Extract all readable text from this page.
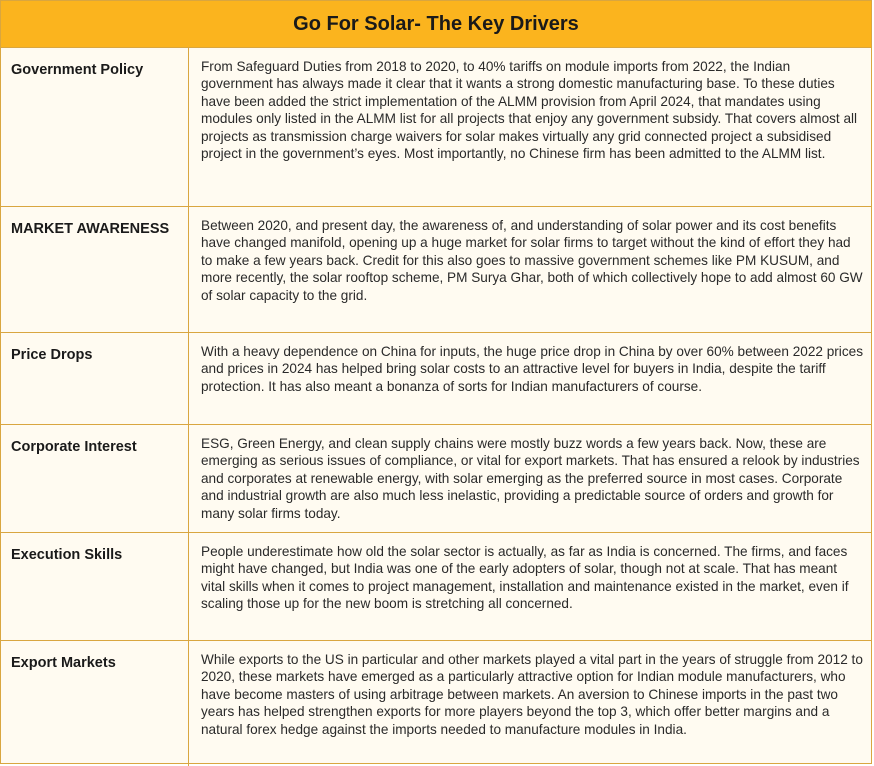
Go For Solar- The Key Drivers
Government Policy	From Safeguard Duties from 2018 to 2020, to 40% tariffs on module imports from 2022, the Indian government has always made it clear that it wants a strong domestic manufacturing base. To these duties have been added the strict implementation of the ALMM provision from April 2024, that mandates using modules only listed in the ALMM list for all projects that enjoy any government subsidy. That covers almost all projects as transmission charge waivers for solar makes virtually any grid connected project a subsidised project in the government’s eyes. Most importantly, no Chinese firm has been admitted to the ALMM list.
MARKET AWARENESS	Between 2020, and present day, the awareness of, and understanding of solar power and its cost benefits have changed manifold, opening up a huge market for solar firms to target without the kind of effort they had to make a few years back. Credit for this also goes to massive government schemes like PM KUSUM, and more recently, the solar rooftop scheme, PM Surya Ghar, both of which collectively hope to add almost 60 GW of solar capacity to the grid.
Price Drops	With a heavy dependence on China for inputs, the huge price drop in China by over 60% between 2022 prices and prices in 2024 has helped bring solar costs to an attractive level for buyers in India, despite the tariff protection. It has also meant a bonanza of sorts for Indian manufacturers of course.
Corporate Interest	ESG, Green Energy, and clean supply chains were mostly buzz words a few years back. Now, these are emerging as serious issues of compliance, or vital for export markets. That has ensured a relook by industries and corporates at renewable energy, with solar emerging as the preferred source in most cases. Corporate and industrial growth are also much less inelastic, providing a predictable source of orders and growth for many solar firms today.
Execution Skills	People underestimate how old the solar sector is actually, as far as India is concerned. The firms, and faces might have changed, but India was one of the early adopters of solar, though not at scale. That has meant vital skills when it comes to project management, installation and maintenance existed in the market, even if scaling those up for the new boom is stretching all concerned.
Export Markets	While exports to the US in particular and other markets played a vital part in the years of struggle from 2012 to 2020, these markets have emerged as a particularly attractive option for Indian module manufacturers, who have become masters of using arbitrage between markets. An aversion to Chinese imports in the past two years has helped strengthen exports for more players beyond the top 3, which offer better margins and a natural forex hedge against the imports needed to manufacture modules in India.
